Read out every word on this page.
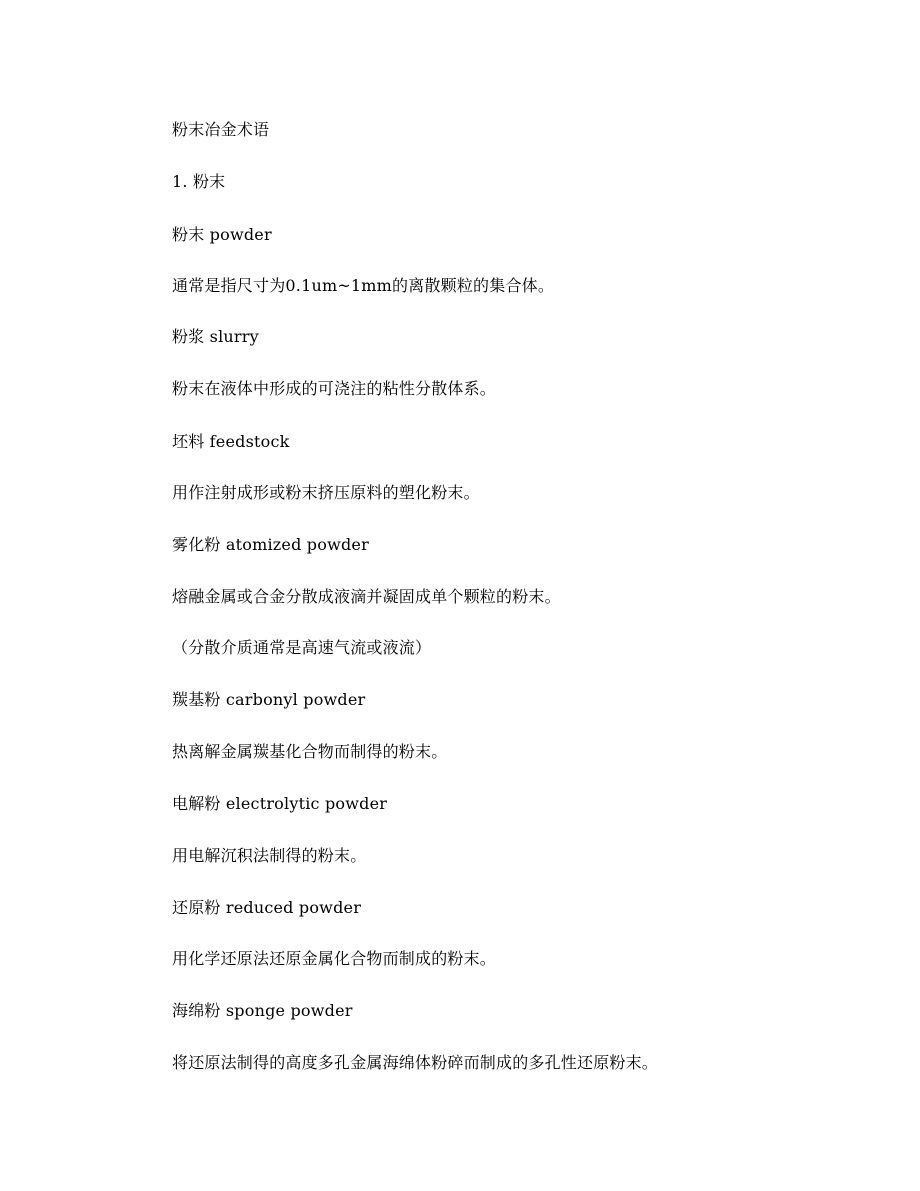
粉末冶金术语
1. 粉末
粉末 powder
通常是指尺寸为0.1um~1mm的离散颗粒的集合体。
粉浆 slurry
粉末在液体中形成的可浇注的粘性分散体系。
坯料 feedstock
用作注射成形或粉末挤压原料的塑化粉末。
雾化粉 atomized powder
熔融金属或合金分散成液滴并凝固成单个颗粒的粉末。
（分散介质通常是高速气流或液流）
羰基粉 carbonyl powder
热离解金属羰基化合物而制得的粉末。
电解粉 electrolytic powder
用电解沉积法制得的粉末。
还原粉 reduced powder
用化学还原法还原金属化合物而制成的粉末。
海绵粉 sponge powder
将还原法制得的高度多孔金属海绵体粉碎而制成的多孔性还原粉末。
